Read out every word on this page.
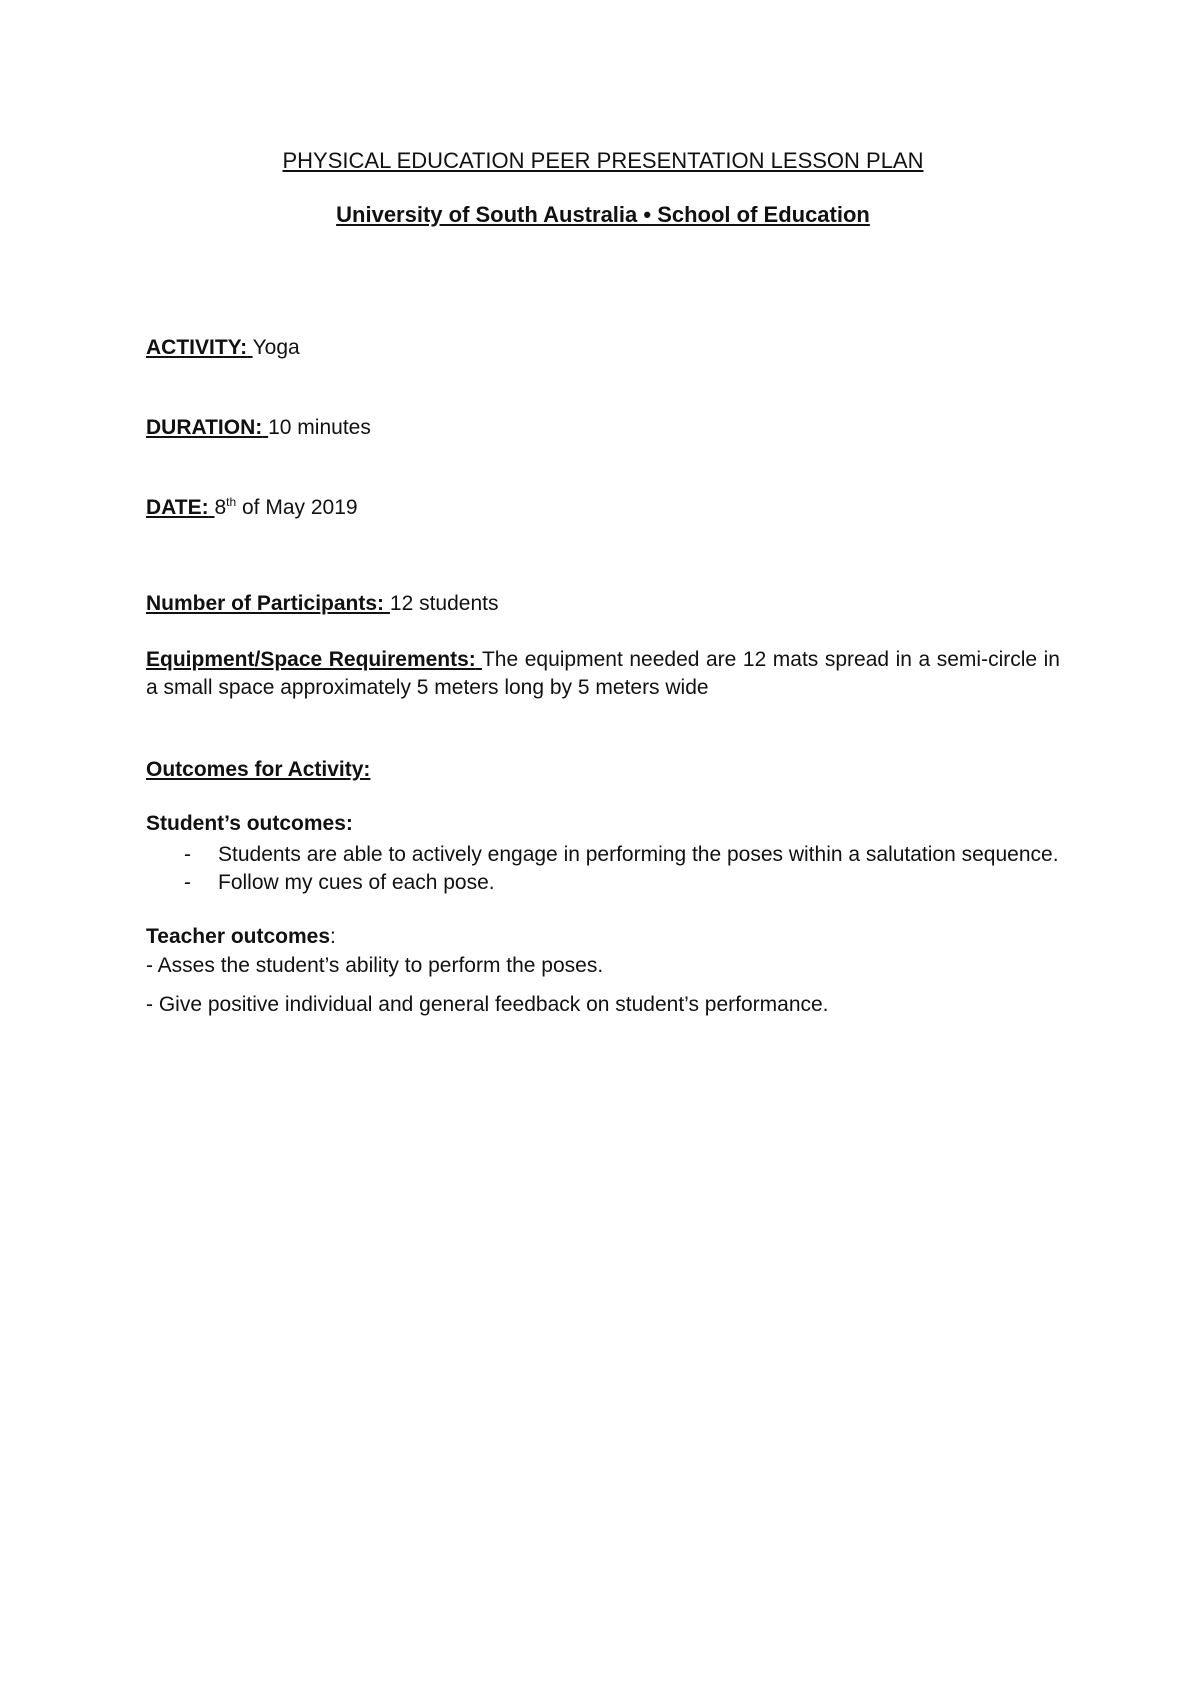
PHYSICAL EDUCATION PEER PRESENTATION LESSON PLAN
University of South Australia • School of Education
ACTIVITY: Yoga
DURATION: 10 minutes
DATE: 8th of May 2019
Number of Participants: 12 students
Equipment/Space Requirements: The equipment needed are 12 mats spread in a semi-circle in a small space approximately 5 meters long by 5 meters wide
Outcomes for Activity:
Student’s outcomes:
- Students are able to actively engage in performing the poses within a salutation sequence.
- Follow my cues of each pose.
Teacher outcomes:
- Asses the student’s ability to perform the poses.
- Give positive individual and general feedback on student’s performance.
